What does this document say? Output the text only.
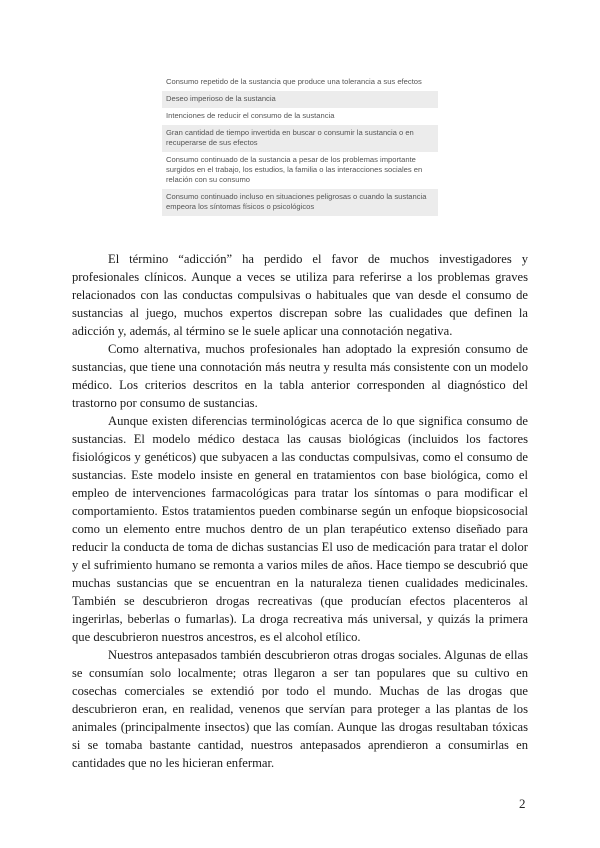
Consumo repetido de la sustancia que produce una tolerancia a sus efectos
Deseo imperioso de la sustancia
Intenciones de reducir el consumo de la sustancia
Gran cantidad de tiempo invertida en buscar o consumir la sustancia o en recuperarse de sus efectos
Consumo continuado de la sustancia a pesar de los problemas importante surgidos en el trabajo, los estudios, la familia o las interacciones sociales en relación con su consumo
Consumo continuado incluso en situaciones peligrosas o cuando la sustancia empeora los síntomas físicos o psicológicos

El término “adicción” ha perdido el favor de muchos investigadores y profesionales clínicos. Aunque a veces se utiliza para referirse a los problemas graves relacionados con las conductas compulsivas o habituales que van desde el consumo de sustancias al juego, muchos expertos discrepan sobre las cualidades que definen la adicción y, además, al término se le suele aplicar una connotación negativa.

Como alternativa, muchos profesionales han adoptado la expresión consumo de sustancias, que tiene una connotación más neutra y resulta más consistente con un modelo médico. Los criterios descritos en la tabla anterior corresponden al diagnóstico del trastorno por consumo de sustancias.

Aunque existen diferencias terminológicas acerca de lo que significa consumo de sustancias. El modelo médico destaca las causas biológicas (incluidos los factores fisiológicos y genéticos) que subyacen a las conductas compulsivas, como el consumo de sustancias. Este modelo insiste en general en tratamientos con base biológica, como el empleo de intervenciones farmacológicas para tratar los síntomas o para modificar el comportamiento. Estos tratamientos pueden combinarse según un enfoque biopsicosocial como un elemento entre muchos dentro de un plan terapéutico extenso diseñado para reducir la conducta de toma de dichas sustancias El uso de medicación para tratar el dolor y el sufrimiento humano se remonta a varios miles de años. Hace tiempo se descubrió que muchas sustancias que se encuentran en la naturaleza tienen cualidades medicinales. También se descubrieron drogas recreativas (que producían efectos placenteros al ingerirlas, beberlas o fumarlas). La droga recreativa más universal, y quizás la primera que descubrieron nuestros ancestros, es el alcohol etílico.

Nuestros antepasados también descubrieron otras drogas sociales. Algunas de ellas se consumían solo localmente; otras llegaron a ser tan populares que su cultivo en cosechas comerciales se extendió por todo el mundo. Muchas de las drogas que descubrieron eran, en realidad, venenos que servían para proteger a las plantas de los animales (principalmente insectos) que las comían. Aunque las drogas resultaban tóxicas si se tomaba bastante cantidad, nuestros antepasados aprendieron a consumirlas en cantidades que no les hicieran enfermar.

2
